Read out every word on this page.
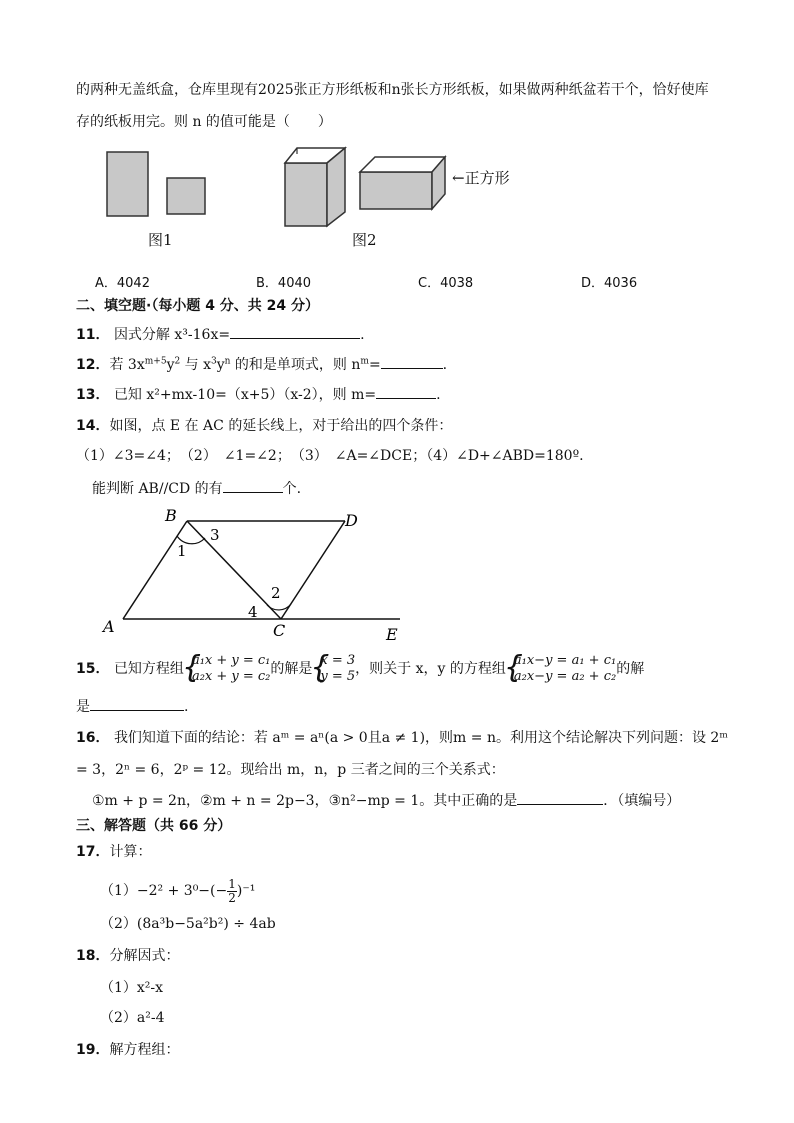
的两种无盖纸盒，仓库里现有2025张正方形纸板和n张长方形纸板，如果做两种纸盆若干个，恰好使库
存的纸板用完。则 n 的值可能是（　　）
←正方形
图1	图2
A．4042	B．4040	C．4038	D．4036
二、填空题·（每小题 4 分、共 24 分）
11． 因式分解 x³-16x=	.
12．若 $3x^{m+5}y^2$ 与 $x^3y^n$ 的和是单项式，则 $n^m=$	.
13． 已知 x²+mx-10=（x+5）（x-2），则 m=	.
14．如图，点 E 在 AC 的延长线上，对于给出的四个条件：
（1）∠3=∠4；　（2）　∠1=∠2；　（3）　∠A=∠DCE；（4）∠D+∠ABD=180º.
能判断 AB//CD 的有	个.
B	D
A	C	E
1
2
3
4
15． 已知方程组
{ a₁x + y = c₁
a₂x + y = c₂ 的解是
{ x = 3
y = 5 ，则关于 x，y 的方程组
{ a₁x−y = a₁ + c₁
a₂x−y = a₂ + c₂ 的解
是	.
16． 我们知道下面的结论：若 aᵐ = aⁿ(a > 0且a ≠ 1)，则m = n。利用这个结论解决下列问题：设 2ᵐ
= 3，2ⁿ = 6，2ᵖ = 12。现给出 m，n，p 三者之间的三个关系式：
①m + p = 2n，②m + n = 2p−3，③n²−mp = 1。其中正确的是	．（填编号）
三、解答题（共 66 分）
17．计算：
$(1)-2^2 + 3^0-(- \frac{1}{2} )^{-1}$
（2）(8a³b−5a²b²) ÷ 4ab
18．分解因式：
（1）x²-x
（2）a²-4
19．解方程组：
